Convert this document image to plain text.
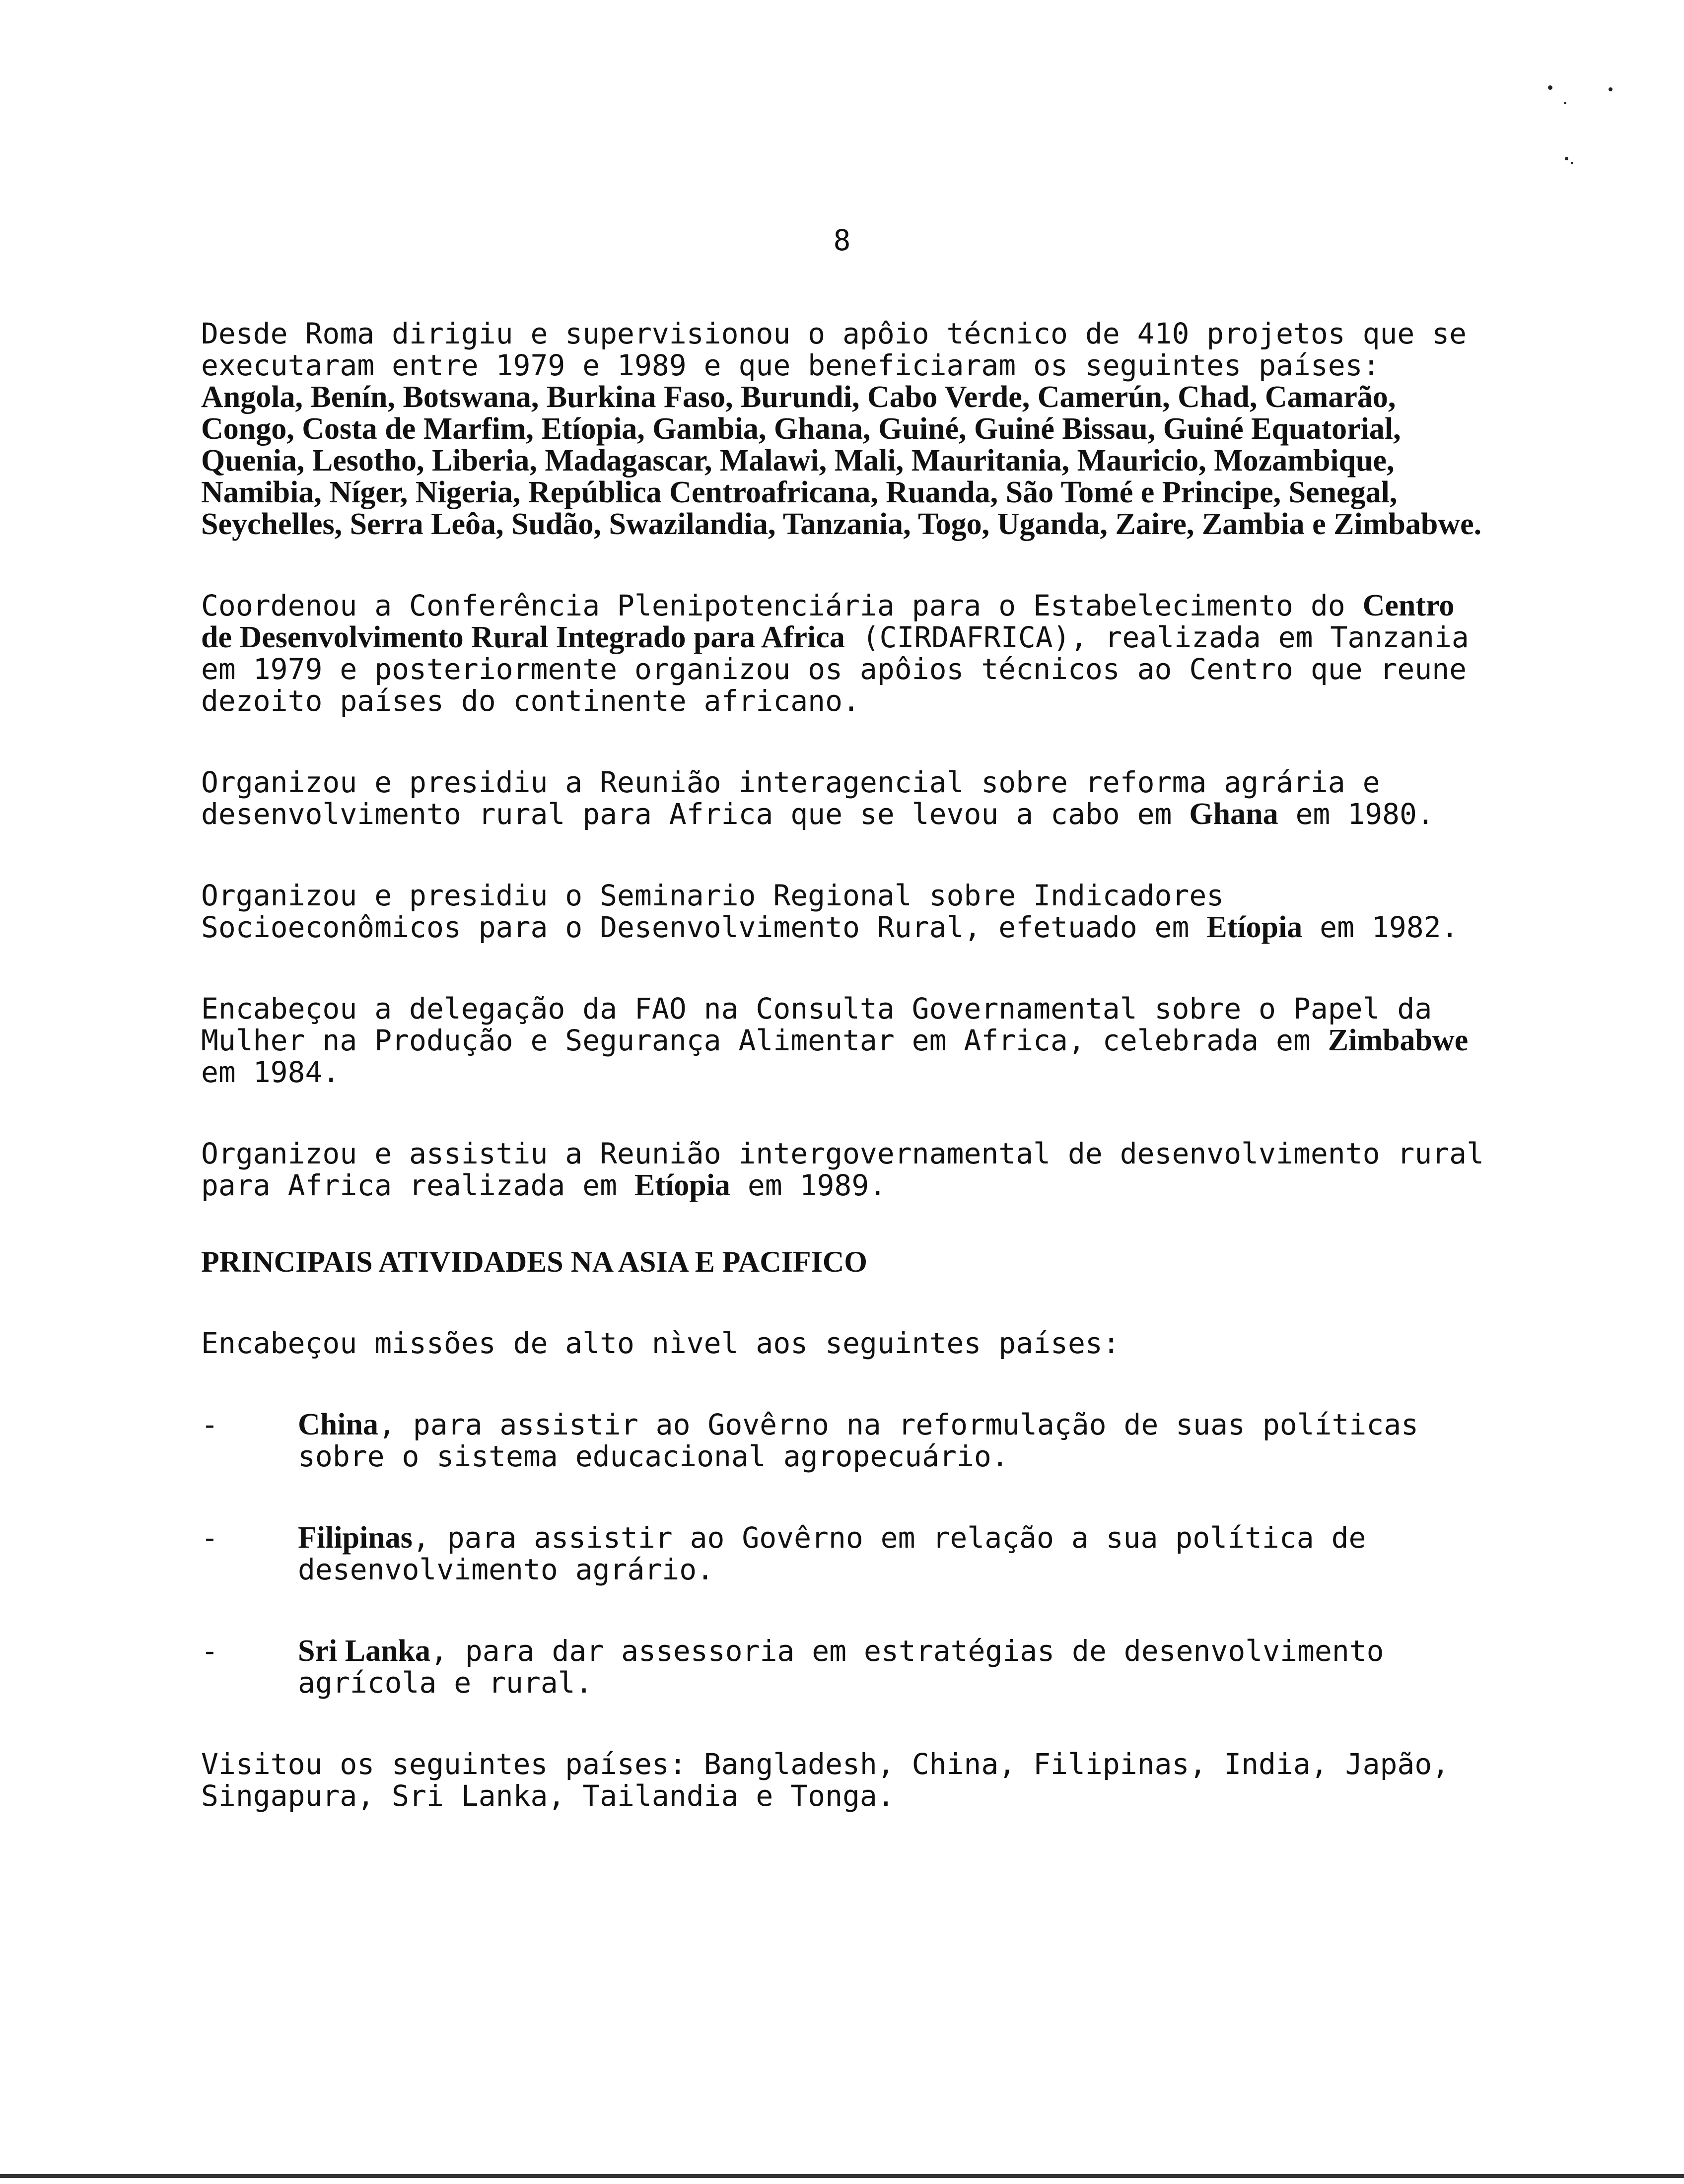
8

Desde Roma dirigiu e supervisionou o apôio técnico de 410 projetos que se executaram entre 1979 e 1989 e que beneficiaram os seguintes países: Angola, Benín, Botswana, Burkina Faso, Burundi, Cabo Verde, Camerún, Chad, Camarão, Congo, Costa de Marfim, Etíopia, Gambia, Ghana, Guiné, Guiné Bissau, Guiné Equatorial, Quenia, Lesotho, Liberia, Madagascar, Malawi, Mali, Mauritania, Mauricio, Mozambique, Namibia, Níger, Nigeria, República Centroafricana, Ruanda, São Tomé e Principe, Senegal, Seychelles, Serra Leôa, Sudão, Swazilandia, Tanzania, Togo, Uganda, Zaire, Zambia e Zimbabwe.

Coordenou a Conferência Plenipotenciária para o Estabelecimento do Centro de Desenvolvimento Rural Integrado para Africa (CIRDAFRICA), realizada em Tanzania em 1979 e posteriormente organizou os apôios técnicos ao Centro que reune dezoito países do continente africano.

Organizou e presidiu a Reunião interagencial sobre reforma agrária e desenvolvimento rural para Africa que se levou a cabo em Ghana em 1980.

Organizou e presidiu o Seminario Regional sobre Indicadores Socioeconômicos para o Desenvolvimento Rural, efetuado em Etíopia em 1982.

Encabeçou a delegação da FAO na Consulta Governamental sobre o Papel da Mulher na Produção e Segurança Alimentar em Africa, celebrada em Zimbabwe em 1984.

Organizou e assistiu a Reunião intergovernamental de desenvolvimento rural para Africa realizada em Etíopia em 1989.

PRINCIPAIS ATIVIDADES NA ASIA E PACIFICO

Encabeçou missões de alto nìvel aos seguintes países:

-	China, para assistir ao Govêrno na reformulação de suas políticas sobre o sistema educacional agropecuário.
-	Filipinas, para assistir ao Govêrno em relação a sua política de desenvolvimento agrário.
-	Sri Lanka, para dar assessoria em estratégias de desenvolvimento agrícola e rural.

Visitou os seguintes países: Bangladesh, China, Filipinas, India, Japão, Singapura, Sri Lanka, Tailandia e Tonga.
